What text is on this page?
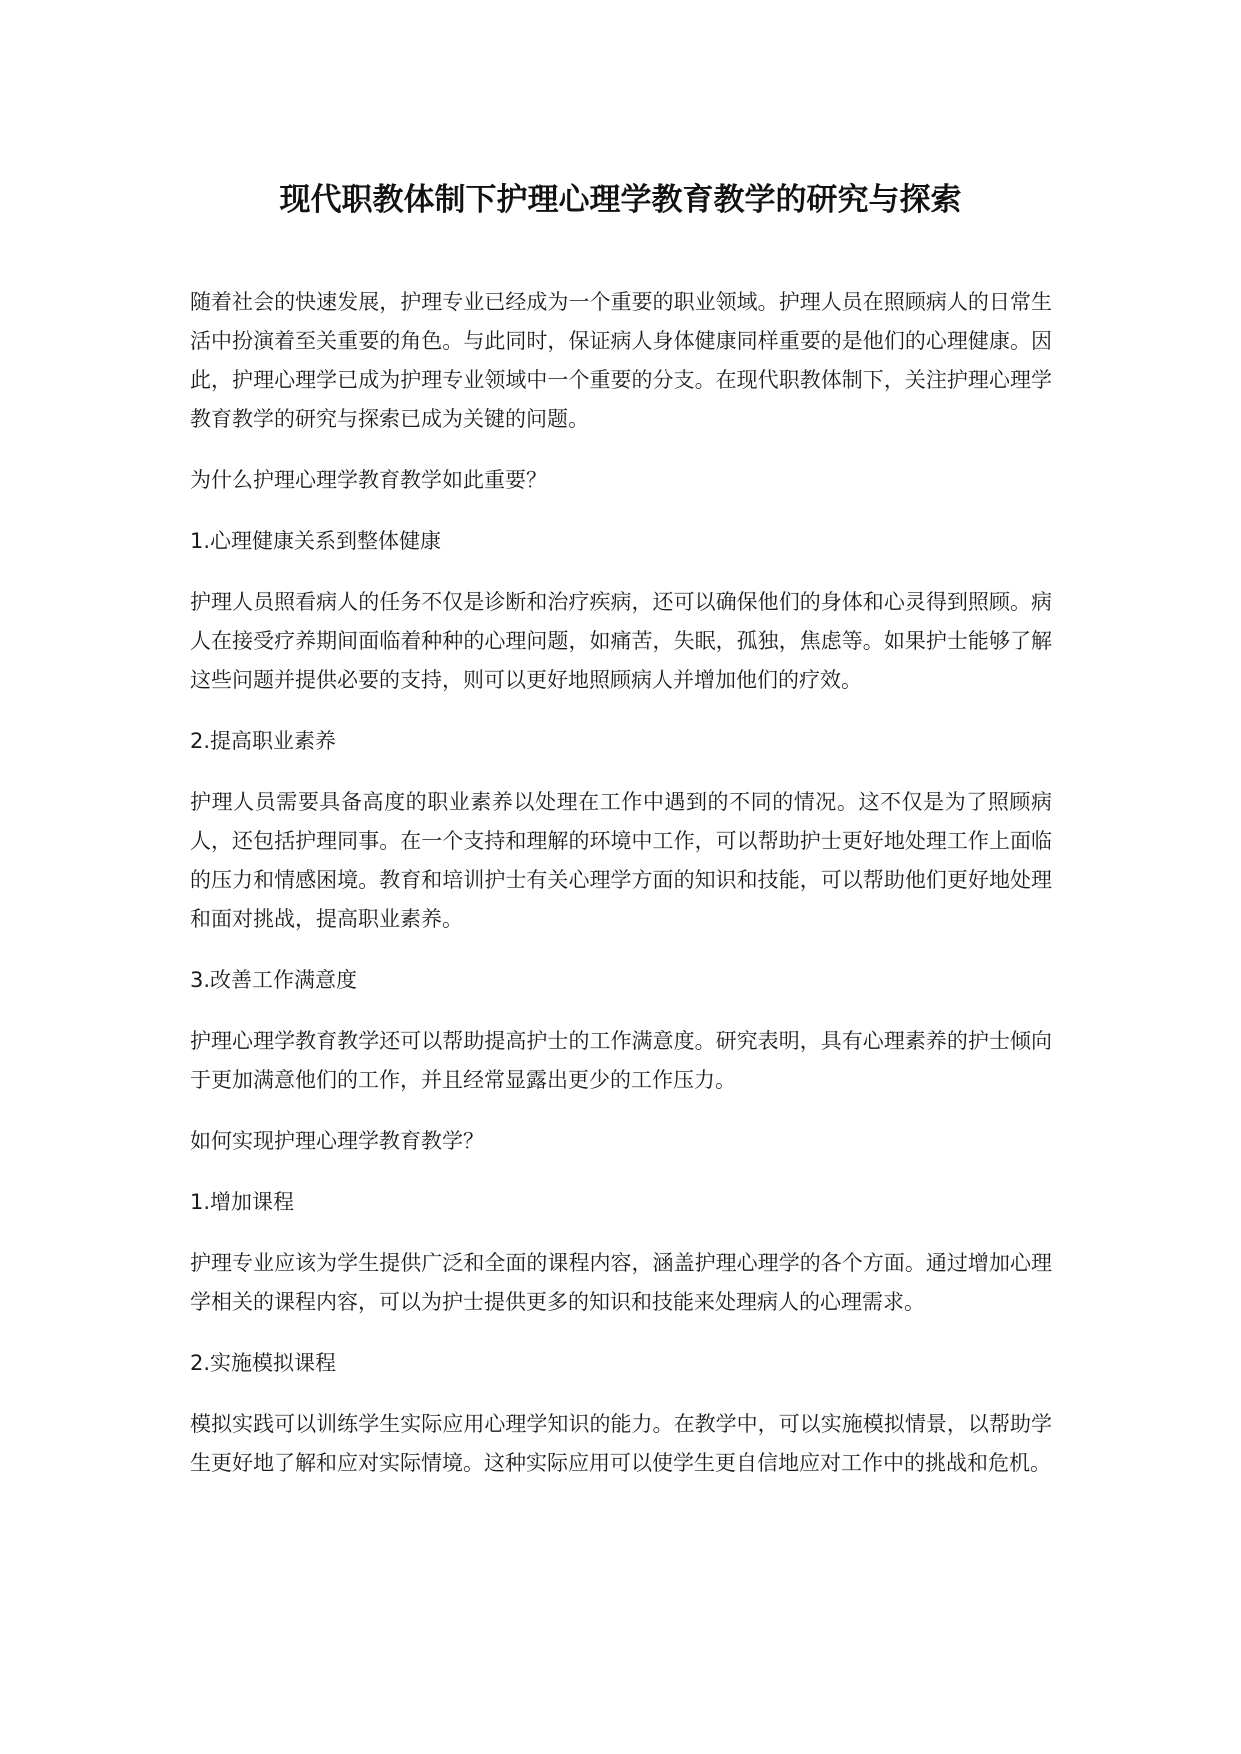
现代职教体制下护理心理学教育教学的研究与探索

随着社会的快速发展，护理专业已经成为一个重要的职业领域。护理人员在照顾病人的日常生活中扮演着至关重要的角色。与此同时，保证病人身体健康同样重要的是他们的心理健康。因此，护理心理学已成为护理专业领域中一个重要的分支。在现代职教体制下，关注护理心理学教育教学的研究与探索已成为关键的问题。

为什么护理心理学教育教学如此重要？

1.心理健康关系到整体健康

护理人员照看病人的任务不仅是诊断和治疗疾病，还可以确保他们的身体和心灵得到照顾。病人在接受疗养期间面临着种种的心理问题，如痛苦，失眠，孤独，焦虑等。如果护士能够了解这些问题并提供必要的支持，则可以更好地照顾病人并增加他们的疗效。

2.提高职业素养

护理人员需要具备高度的职业素养以处理在工作中遇到的不同的情况。这不仅是为了照顾病人，还包括护理同事。在一个支持和理解的环境中工作，可以帮助护士更好地处理工作上面临的压力和情感困境。教育和培训护士有关心理学方面的知识和技能，可以帮助他们更好地处理和面对挑战，提高职业素养。

3.改善工作满意度

护理心理学教育教学还可以帮助提高护士的工作满意度。研究表明，具有心理素养的护士倾向于更加满意他们的工作，并且经常显露出更少的工作压力。

如何实现护理心理学教育教学？

1.增加课程

护理专业应该为学生提供广泛和全面的课程内容，涵盖护理心理学的各个方面。通过增加心理学相关的课程内容，可以为护士提供更多的知识和技能来处理病人的心理需求。

2.实施模拟课程

模拟实践可以训练学生实际应用心理学知识的能力。在教学中，可以实施模拟情景，以帮助学生更好地了解和应对实际情境。这种实际应用可以使学生更自信地应对工作中的挑战和危机。
